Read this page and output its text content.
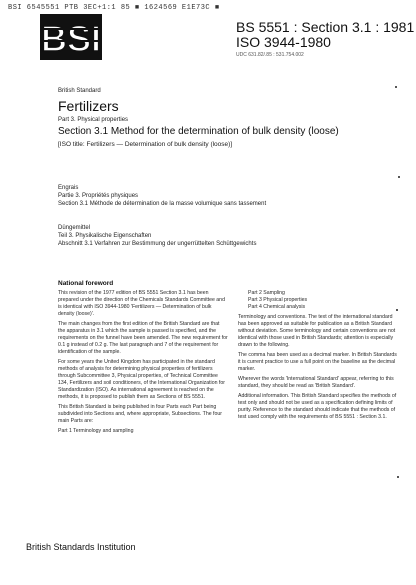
BSI 6545551 PTB 3EC+1:1 85 ■ 1624569 E1E73C ■
BSI	BS 5551 : Section 3.1 : 1981
ISO 3944-1980
UDC 631.82/.85 : 531.754.002
British Standard
Fertilizers
Part 3. Physical properties
Section 3.1 Method for the determination of bulk density (loose)
[ISO title: Fertilizers — Determination of bulk density (loose)]
Engrais
Partie 3. Propriétés physiques
Section 3.1 Méthode de détermination de la masse volumique sans tassement
Düngemittel
Teil 3. Physikalische Eigenschaften
Abschnitt 3.1 Verfahren zur Bestimmung der ungerrüttelten Schüttgewichts
National foreword

This revision of the 1977 edition of BS 5551 Section 3.1 has been prepared under the direction of the Chemicals Standards Committee and is identical with ISO 3944-1980 'Fertilizers — Determination of bulk density (loose)'.

The main changes from the first edition of the British Standard are that the apparatus in 3.1 which the sample is passed is specified, and the requirements on the funnel have been amended. The new requirement for 0.1 g instead of 0.2 g. The last paragraph and 7 of the requirement for identification of the sample.

For some years the United Kingdom has participated in the standard methods of analysis for determining physical properties of fertilizers through Subcommittee 3, Physical properties, of Technical Committee 134, Fertilizers and soil conditioners, of the International Organization for Standardization (ISO). As international agreement is reached on the methods, it is proposed to publish them as Sections of BS 5551.

This British Standard is being published in four Parts each Part being subdivided into Sections and, where appropriate, Subsections. The four main Parts are:

Part 1 Terminology and sampling

Part 2 Sampling
Part 3 Physical properties
Part 4 Chemical analysis

Terminology and conventions. The text of the international standard has been approved as suitable for publication as a British Standard without deviation. Some terminology and certain conventions are not identical with those used in British Standards; attention is especially drawn to the following.

The comma has been used as a decimal marker. In British Standards it is current practice to use a full point on the baseline as the decimal marker.

Wherever the words 'International Standard' appear, referring to this standard, they should be read as 'British Standard'.

Additional information. This British Standard specifies the methods of test only and should not be used as a specification defining limits of purity. Reference to the standard should indicate that the methods of test used comply with the requirements of BS 5551 : Section 3.1.

British Standards Institution
